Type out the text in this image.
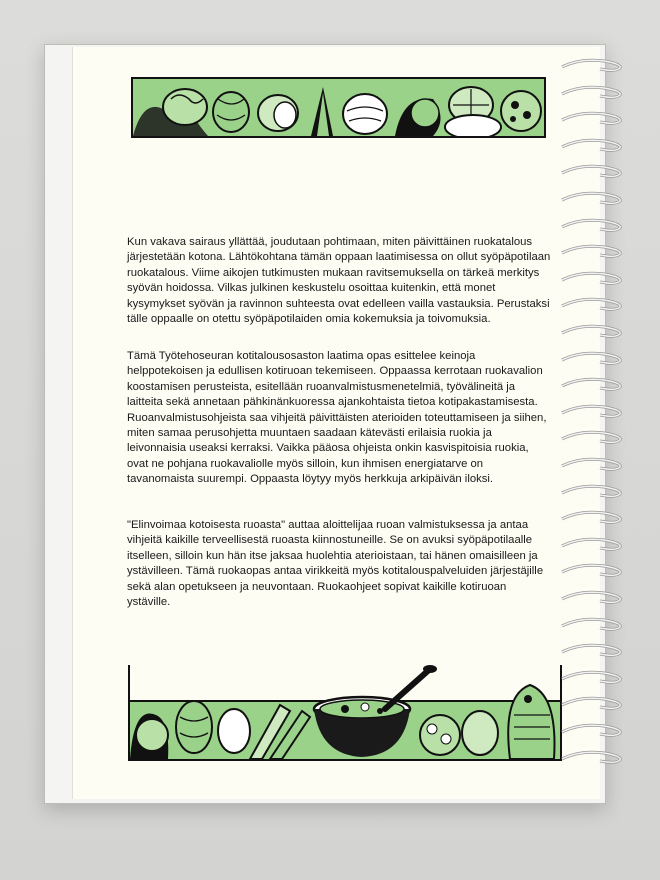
Kun vakava sairaus yllättää, joudutaan pohtimaan, miten päivittäinen ruokatalous järjestetään kotona. Lähtökohtana tämän oppaan laatimisessa on ollut syöpäpotilaan ruokatalous. Viime aikojen tutkimusten mukaan ravitsemuksella on tärkeä merkitys syövän hoidossa. Vilkas julkinen keskustelu osoittaa kuitenkin, että monet kysymykset syövän ja ravinnon suhteesta ovat edelleen vailla vastauksia. Perustaksi tälle oppaalle on otettu syöpäpotilaiden omia kokemuksia ja toivomuksia.

Tämä Työtehoseuran kotitalousosaston laatima opas esittelee keinoja helppotekoisen ja edullisen kotiruoan tekemiseen. Oppaassa kerrotaan ruokavalion koostamisen perusteista, esitellään ruoanvalmistusmenetelmiä, työvälineitä ja laitteita sekä annetaan pähkinänkuoressa ajankohtaista tietoa kotipakastamisesta. Ruoanvalmistusohjeista saa vihjeitä päivittäisten aterioiden toteuttamiseen ja siihen, miten samaa perusohjetta muuntaen saadaan kätevästi erilaisia ruokia ja leivonnaisia useaksi kerraksi. Vaikka pääosa ohjeista onkin kasvispitoisia ruokia, ovat ne pohjana ruokavaliolle myös silloin, kun ihmisen energiatarve on tavanomaista suurempi. Oppaasta löytyy myös herkkuja arkipäivän iloksi.

"Elinvoimaa kotoisesta ruoasta" auttaa aloittelijaa ruoan valmistuksessa ja antaa vihjeitä kaikille terveellisestä ruoasta kiinnostuneille. Se on avuksi syöpäpotilaalle itselleen, silloin kun hän itse jaksaa huolehtia aterioistaan, tai hänen omaisilleen ja ystävilleen. Tämä ruokaopas antaa virikkeitä myös kotitalouspalveluiden järjestäjille sekä alan opetukseen ja neuvontaan. Ruokaohjeet sopivat kaikille kotiruoan ystäville.
